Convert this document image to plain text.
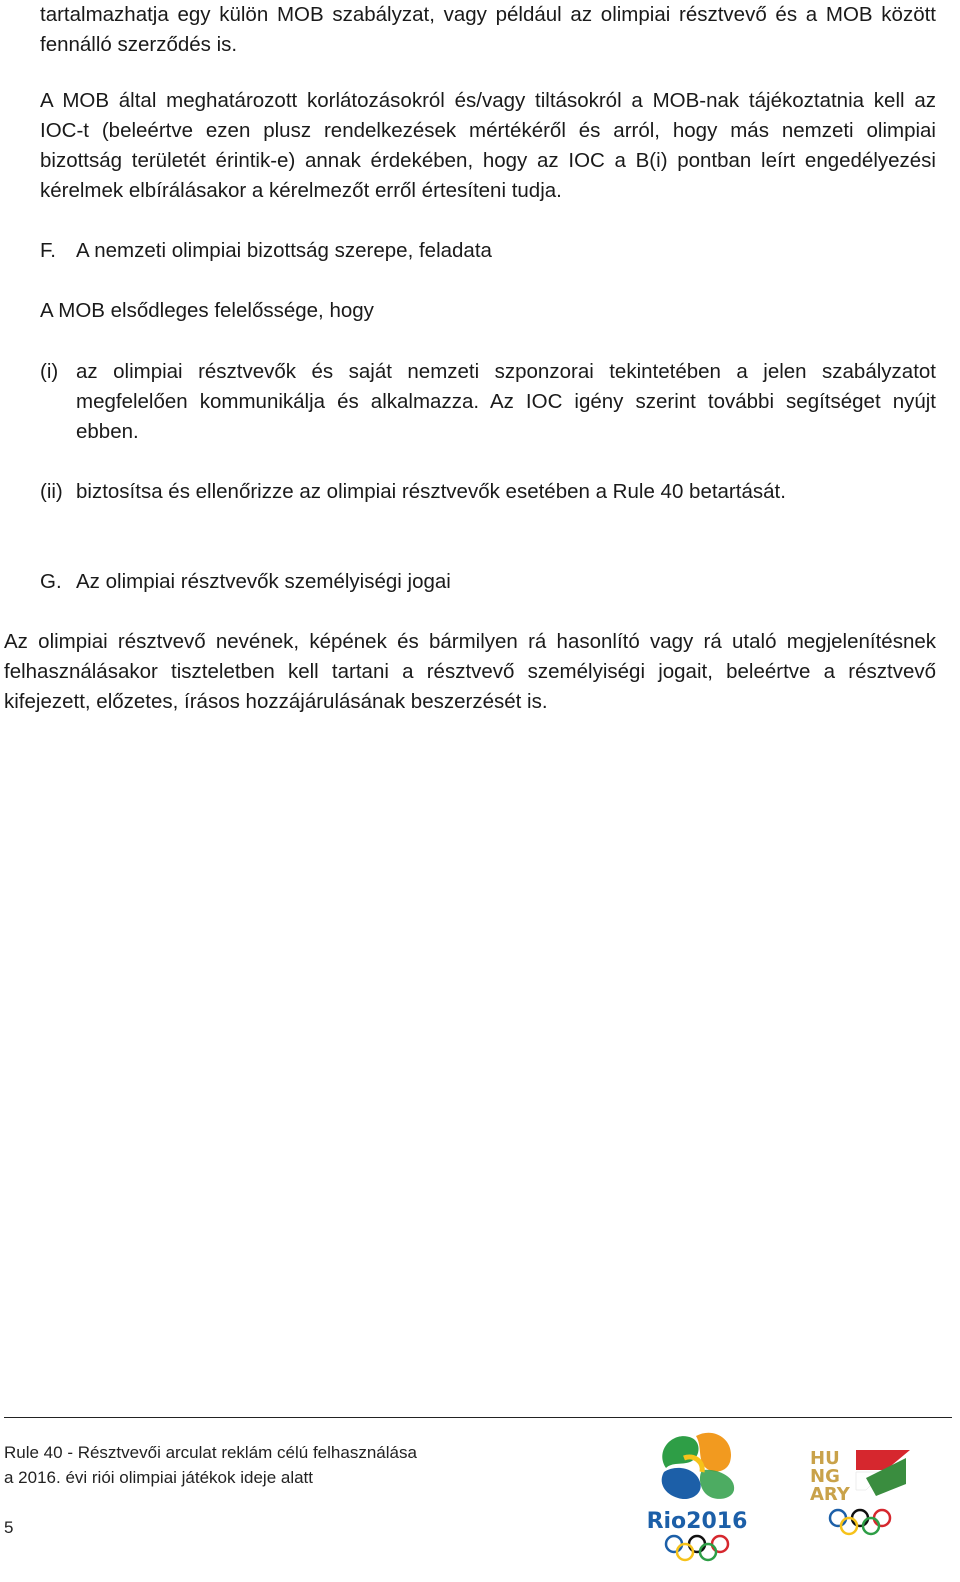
tartalmazhatja egy külön MOB szabályzat, vagy például az olimpiai résztvevő és a MOB között fennálló szerződés is.

A MOB által meghatározott korlátozásokról és/vagy tiltásokról a MOB-nak tájékoztatnia kell az IOC-t (beleértve ezen plusz rendelkezések mértékéről és arról, hogy más nemzeti olimpiai bizottság területét érintik-e) annak érdekében, hogy az IOC a B(i) pontban leírt engedélyezési kérelmek elbírálásakor a kérelmezőt erről értesíteni tudja.

F. A nemzeti olimpiai bizottság szerepe, feladata

A MOB elsődleges felelőssége, hogy

(i) az olimpiai résztvevők és saját nemzeti szponzorai tekintetében a jelen szabályzatot megfelelően kommunikálja és alkalmazza. Az IOC igény szerint további segítséget nyújt ebben.
(ii) biztosítsa és ellenőrizze az olimpiai résztvevők esetében a Rule 40 betartását.
G. Az olimpiai résztvevők személyiségi jogai

Az olimpiai résztvevő nevének, képének és bármilyen rá hasonlító vagy rá utaló megjelenítésnek felhasználásakor tiszteletben kell tartani a résztvevő személyiségi jogait, beleértve a résztvevő kifejezett, előzetes, írásos hozzájárulásának beszerzését is.

Rule 40 - Résztvevői arculat reklám célú felhasználása
a 2016. évi riói olimpiai játékok ideje alatt
5	Rio2016
HU
NG
ARY
